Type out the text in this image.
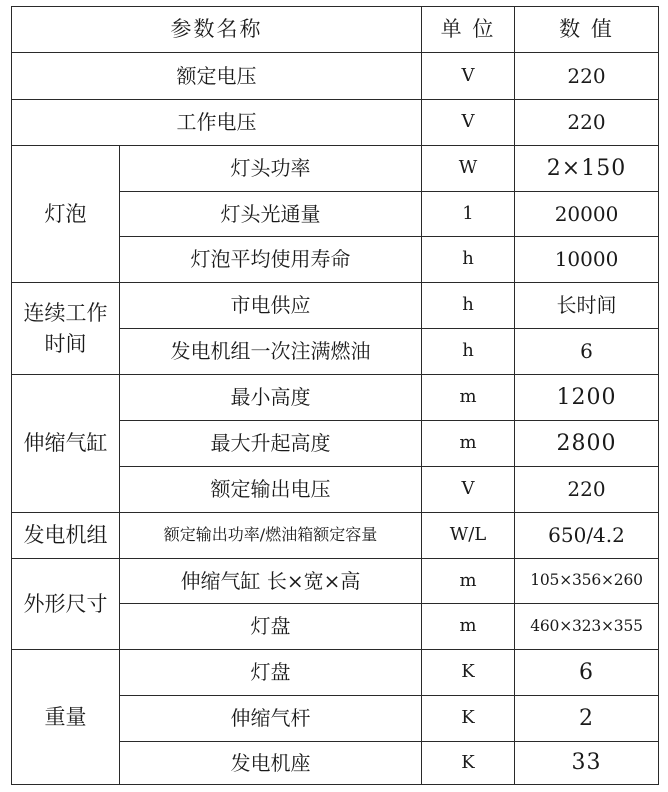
参数名称		单 位	数 值
额定电压		V	220
工作电压		V	220
灯泡	灯头功率	W	2×150
	灯头光通量	1	20000
	灯泡平均使用寿命	h	10000
连续工作
时间	市电供应	h	长时间
	发电机组一次注满燃油	h	6
伸缩气缸	最小高度	m	1200
	最大升起高度	m	2800
	额定输出电压	V	220
发电机组	额定输出功率/燃油箱额定容量	W/L	650/4.2
外形尺寸	伸缩气缸 长×宽×高	m	105×356×260
	灯盘	m	460×323×355
重量	灯盘	K	6
	伸缩气杆	K	2
	发电机座	K	33
